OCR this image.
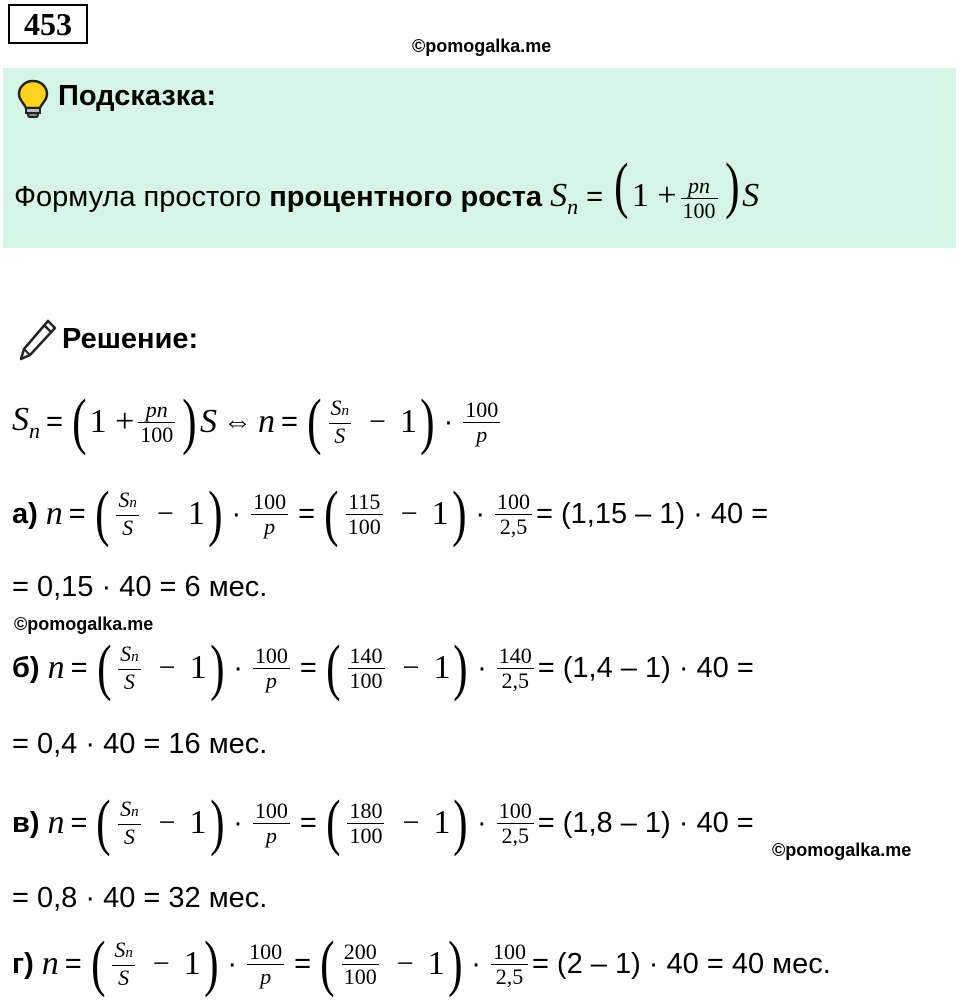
453
©pomogalka.me
Подсказка:
Формула простого процентного роста $S_n = (1 + \frac{pn}{100} )S$
Решение:
$S_n$ = ( $1 + \frac{pn}{100}$ ) S ⇔ n = ( $\frac{Sn}{S} - 1$ ) · $\frac{100}{p}$
а) n = ( $\frac{Sn}{S} - 1$ ) · $\frac{100}{p}$ = ( $\frac{115}{100} - 1$ ) · $\frac{100}{2,5} = (1,15 - 1) \cdot 40$ =
= 0,15 · 40 = 6 мес.
©pomogalka.me
б) n = ( $\frac{Sn}{S} - 1$ ) · $\frac{100}{p}$ = ( $\frac{140}{100} - 1$ ) · $\frac{140}{2,5} = (1,4 - 1) \cdot 40$ =
= 0,4 · 40 = 16 мес.
в) n = ( $\frac{Sn}{S} - 1$ ) · $\frac{100}{p}$ = ( $\frac{180}{100} - 1$ ) · $\frac{100}{2,5} = (1,8 - 1) \cdot 40$ =
©pomogalka.me
= 0,8 · 40 = 32 мес.
г) n = ( $\frac{Sn}{S} - 1$ ) · $\frac{100}{p}$ = ( $\frac{200}{100} - 1$ ) · $\frac{100}{2,5} = (2 - 1) \cdot 40 = 40$ мес.
